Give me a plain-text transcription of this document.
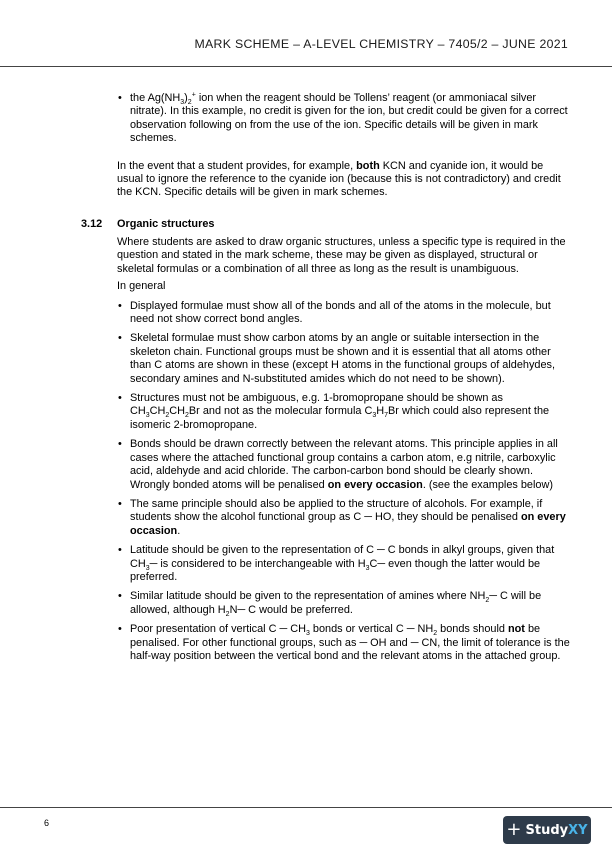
MARK SCHEME – A-LEVEL CHEMISTRY – 7405/2 – JUNE 2021
• the $Ag(NH_3)_2^+$ ion when the reagent should be Tollens’ reagent (or ammoniacal silver nitrate). In this example, no credit is given for the ion, but credit could be given for a correct observation following on from the use of the ion. Specific details will be given in mark schemes.

In the event that a student provides, for example, both KCN and cyanide ion, it would be usual to ignore the reference to the cyanide ion (because this is not contradictory) and credit the KCN. Specific details will be given in mark schemes.

3.12 Organic structures

Where students are asked to draw organic structures, unless a specific type is required in the question and stated in the mark scheme, these may be given as displayed, structural or skeletal formulas or a combination of all three as long as the result is unambiguous.

In general

• Displayed formulae must show all of the bonds and all of the atoms in the molecule, but need not show correct bond angles.
• Skeletal formulae must show carbon atoms by an angle or suitable intersection in the skeleton chain. Functional groups must be shown and it is essential that all atoms other than C atoms are shown in these (except H atoms in the functional groups of aldehydes, secondary amines and N-substituted amides which do not need to be shown).
• Structures must not be ambiguous, e.g. 1-bromopropane should be shown as $CH_3CH_2CH_2Br$ and not as the molecular formula $C_3H_7Br$ which could also represent the isomeric 2-bromopropane.
• Bonds should be drawn correctly between the relevant atoms. This principle applies in all cases where the attached functional group contains a carbon atom, e.g nitrile, carboxylic acid, aldehyde and acid chloride. The carbon-carbon bond should be clearly shown. Wrongly bonded atoms will be penalised on every occasion. (see the examples below)
• The same principle should also be applied to the structure of alcohols. For example, if students show the alcohol functional group as C ─ HO, they should be penalised on every occasion.
• Latitude should be given to the representation of C ─ C bonds in alkyl groups, given that $CH_3─$ is considered to be interchangeable with $H_3C─$ even though the latter would be preferred.
• Similar latitude should be given to the representation of amines where $NH_2─$ C will be allowed, although $H_2N─$ C would be preferred.
• Poor presentation of vertical C ─ $CH_3$ bonds or vertical C ─ $NH_2$ bonds should not be penalised. For other functional groups, such as ─ OH and ─ CN, the limit of tolerance is the half-way position between the vertical bond and the relevant atoms in the attached group.
6	+ StudyXY
